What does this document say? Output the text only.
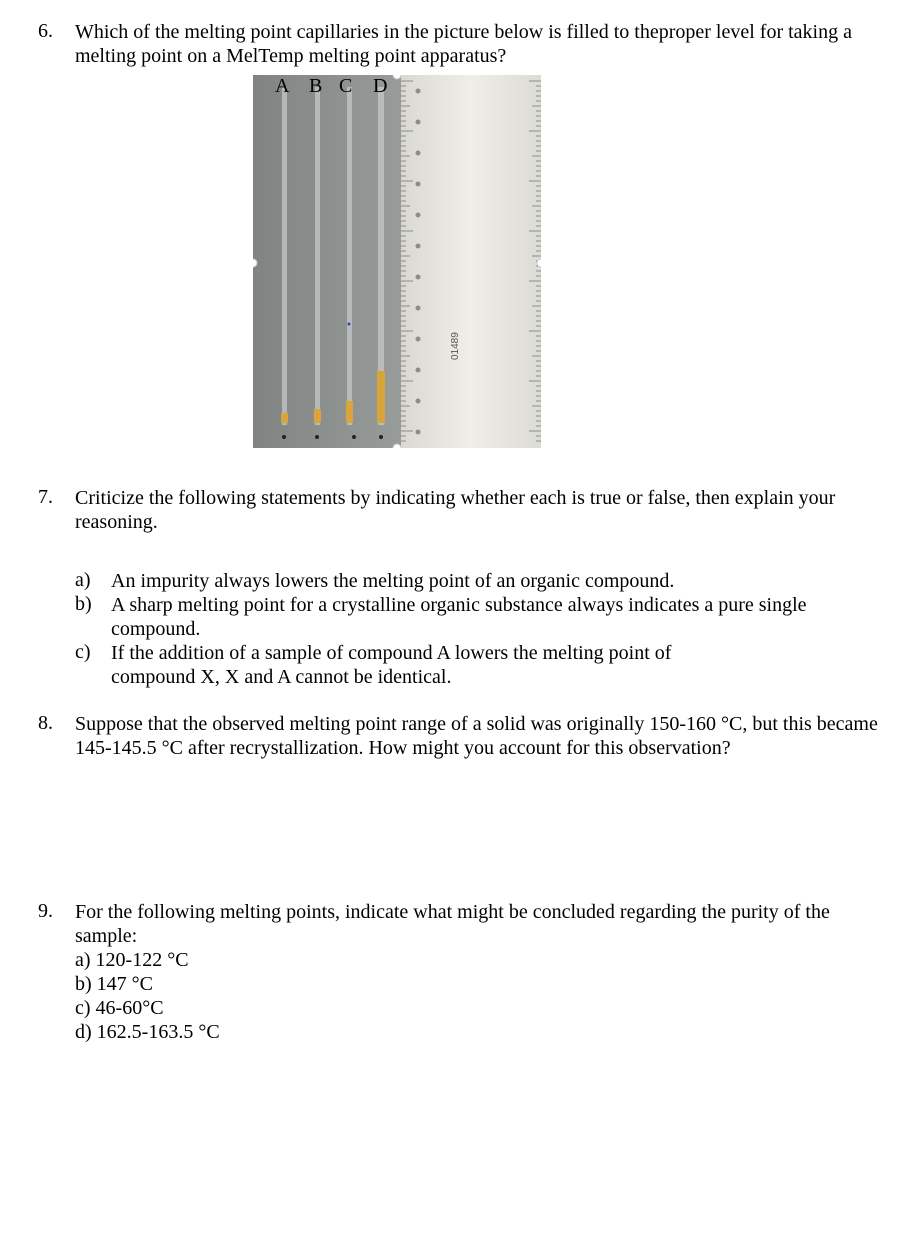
6. Which of the melting point capillaries in the picture below is filled to theproper level for taking a melting point on a MelTemp melting point apparatus?
01489
A B C D
7. Criticize the following statements by indicating whether each is true or false, then explain your reasoning.
a) An impurity always lowers the melting point of an organic compound.
b) A sharp melting point for a crystalline organic substance always indicates a pure single compound.
c) If the addition of a sample of compound A lowers the melting point of compound X, X and A cannot be identical.
8. Suppose that the observed melting point range of a solid was originally 150-160 °C, but this became 145-145.5 °C after recrystallization. How might you account for this observation?
9. For the following melting points, indicate what might be concluded regarding the purity of the sample:
a) 120-122 °C
b) 147 °C
c) 46-60°C
d) 162.5-163.5 °C
